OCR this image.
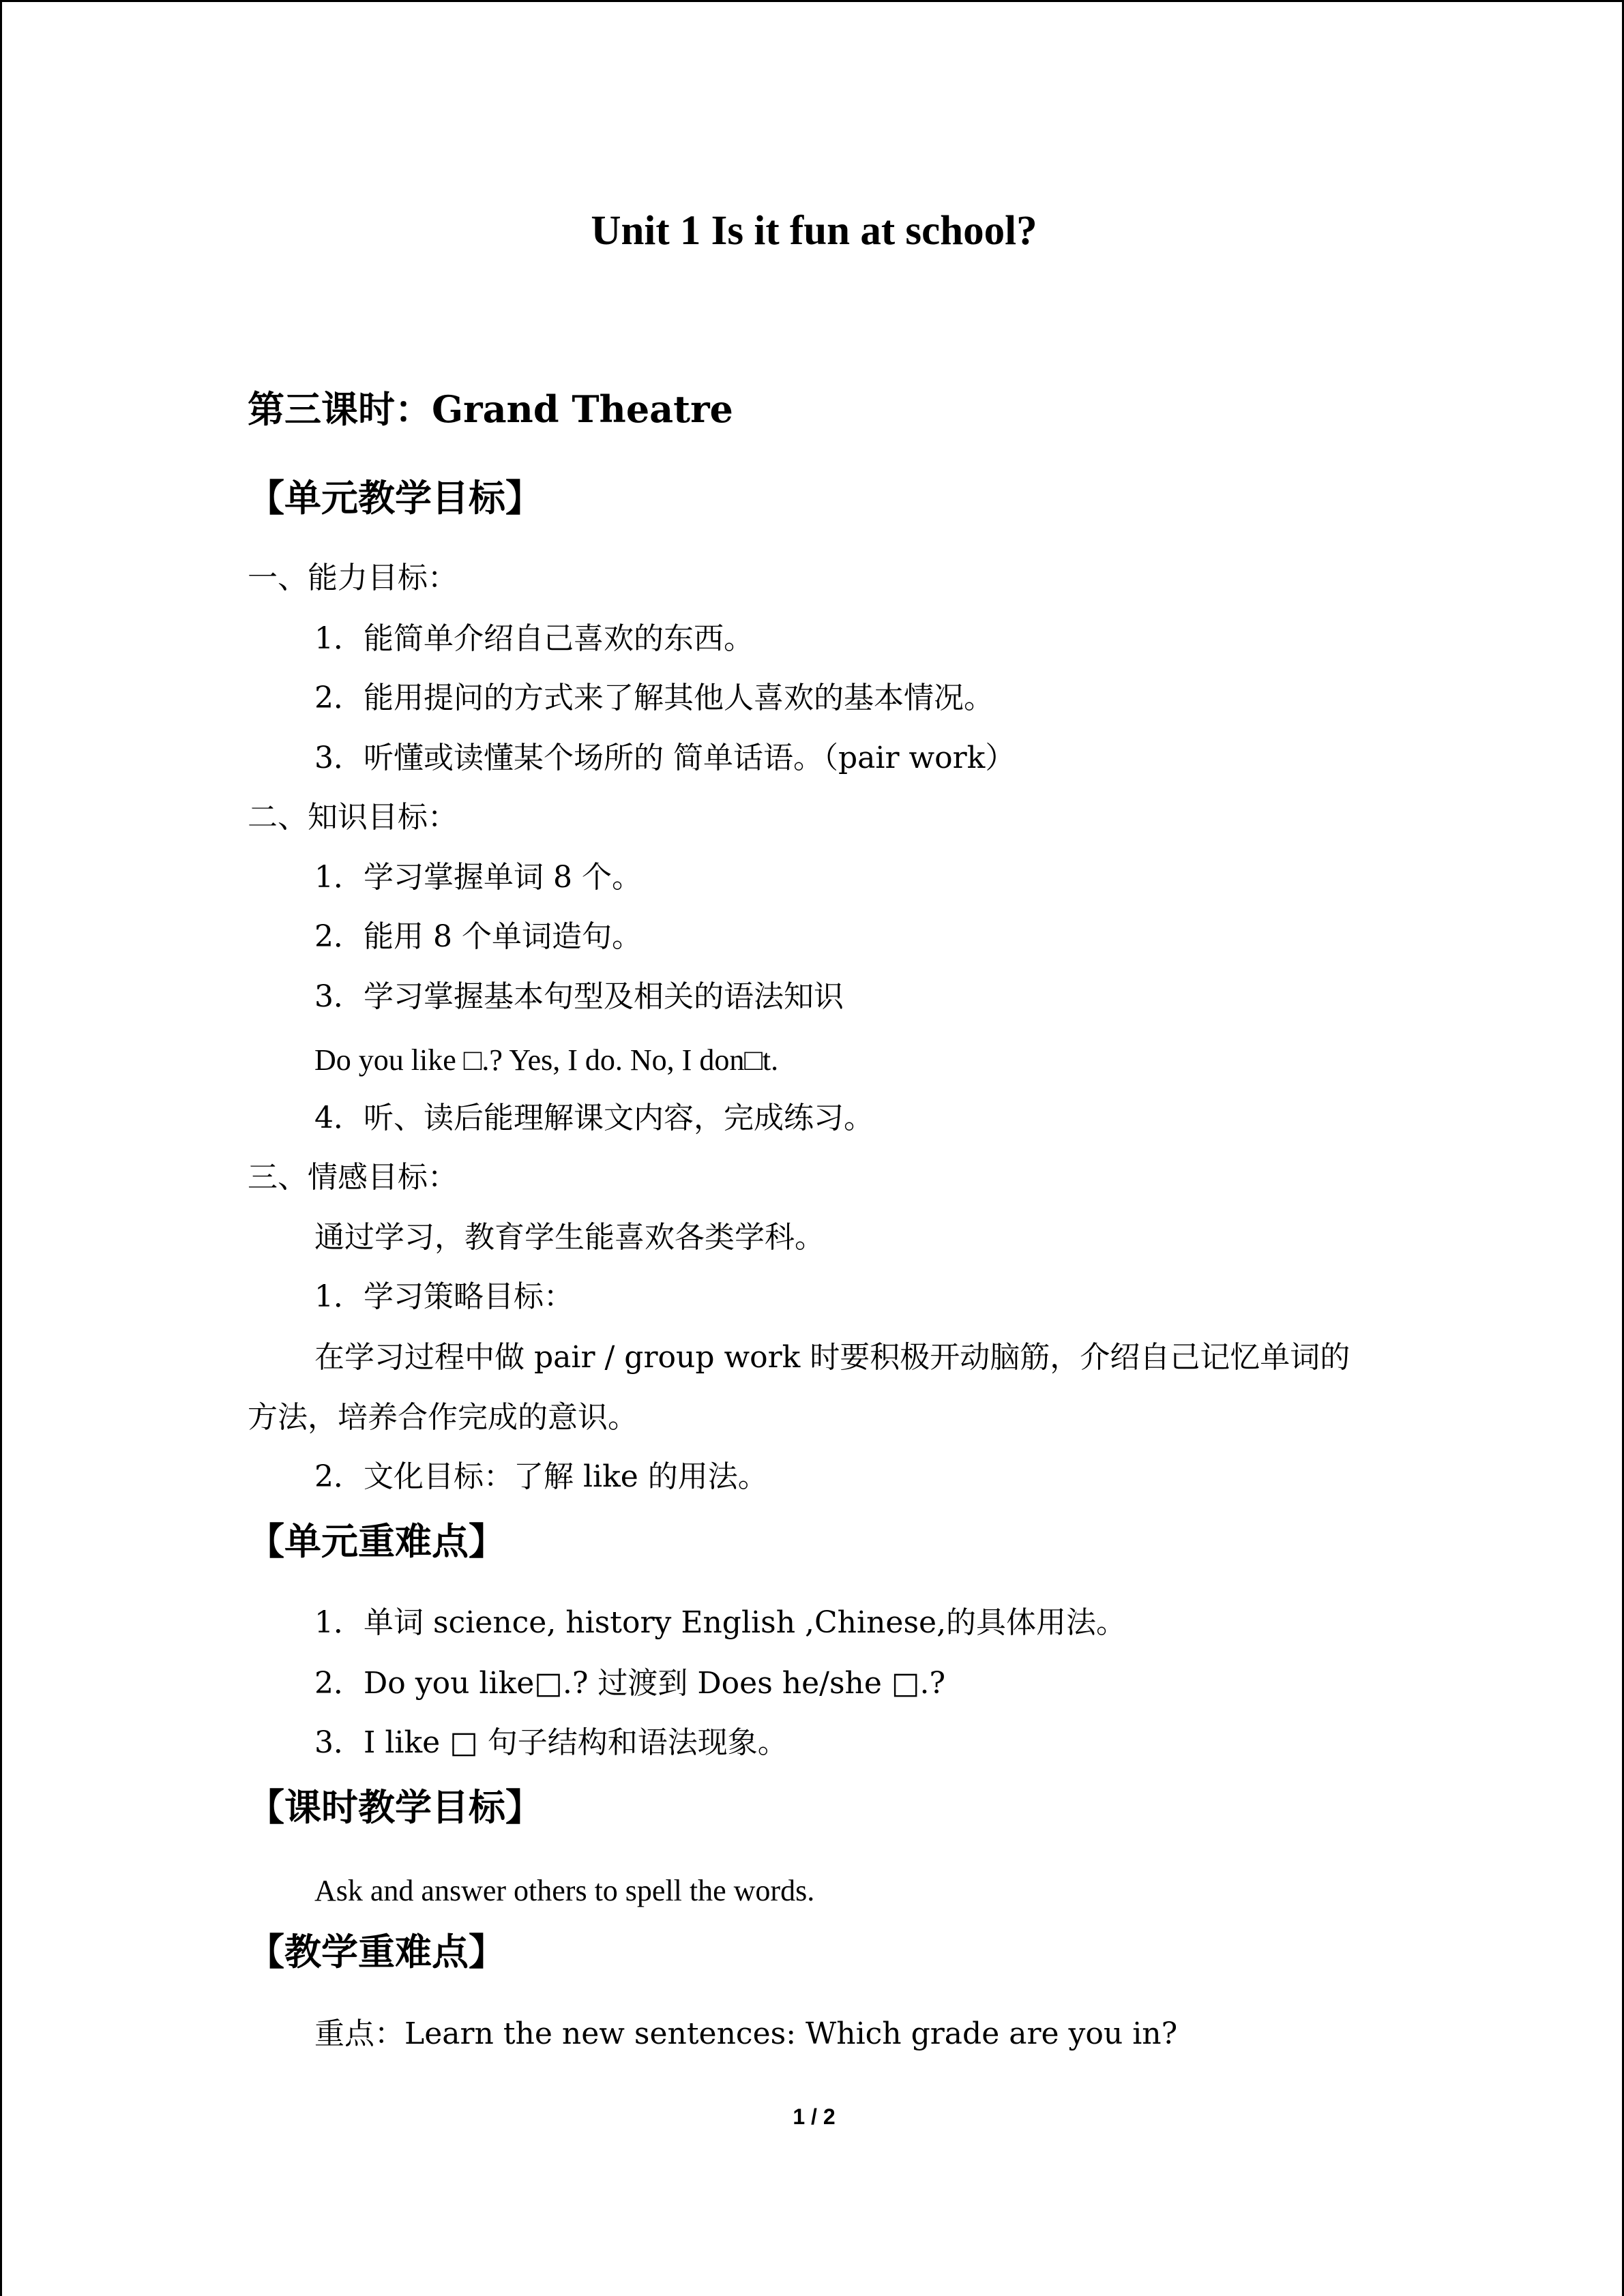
Unit 1 Is it fun at school?
第三课时：Grand Theatre
【单元教学目标】
一、能力目标：
1．能简单介绍自己喜欢的东西。
2．能用提问的方式来了解其他人喜欢的基本情况。
3．听懂或读懂某个场所的 简单话语。（pair work）
二、知识目标：
1．学习掌握单词 8 个。
2．能用 8 个单词造句。
3．学习掌握基本句型及相关的语法知识
Do you like □.? Yes, I do. No, I don□t.
4．听、读后能理解课文内容，完成练习。
三、情感目标：
通过学习，教育学生能喜欢各类学科。
1．学习策略目标：
在学习过程中做 pair / group work 时要积极开动脑筋，介绍自己记忆单词的
方法，培养合作完成的意识。
2．文化目标：了解 like 的用法。
【单元重难点】
1．单词 science, history English ,Chinese,的具体用法。
2．Do you like□.? 过渡到 Does he/she □.?
3．I like □ 句子结构和语法现象。
【课时教学目标】
Ask and answer others to spell the words.
【教学重难点】
重点：Learn the new sentences: Which grade are you in?
1 / 2
